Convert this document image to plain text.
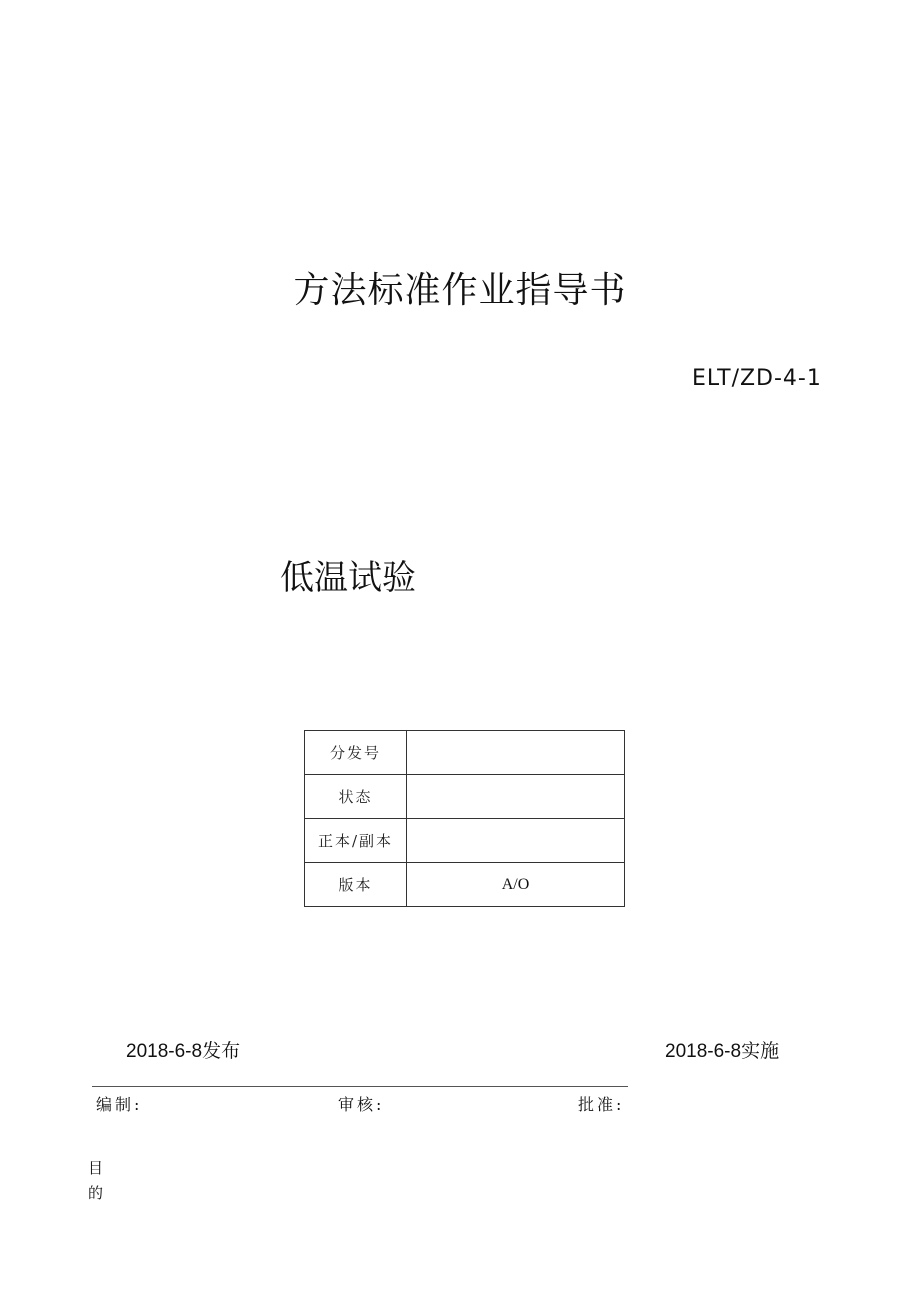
方法标准作业指导书
ELT/ZD-4-1
低温试验
分发号	
状态	
正本/副本	
版本	A/O
2018-6-8发布	2018-6-8实施
编制:	审核:	批准:
目的
